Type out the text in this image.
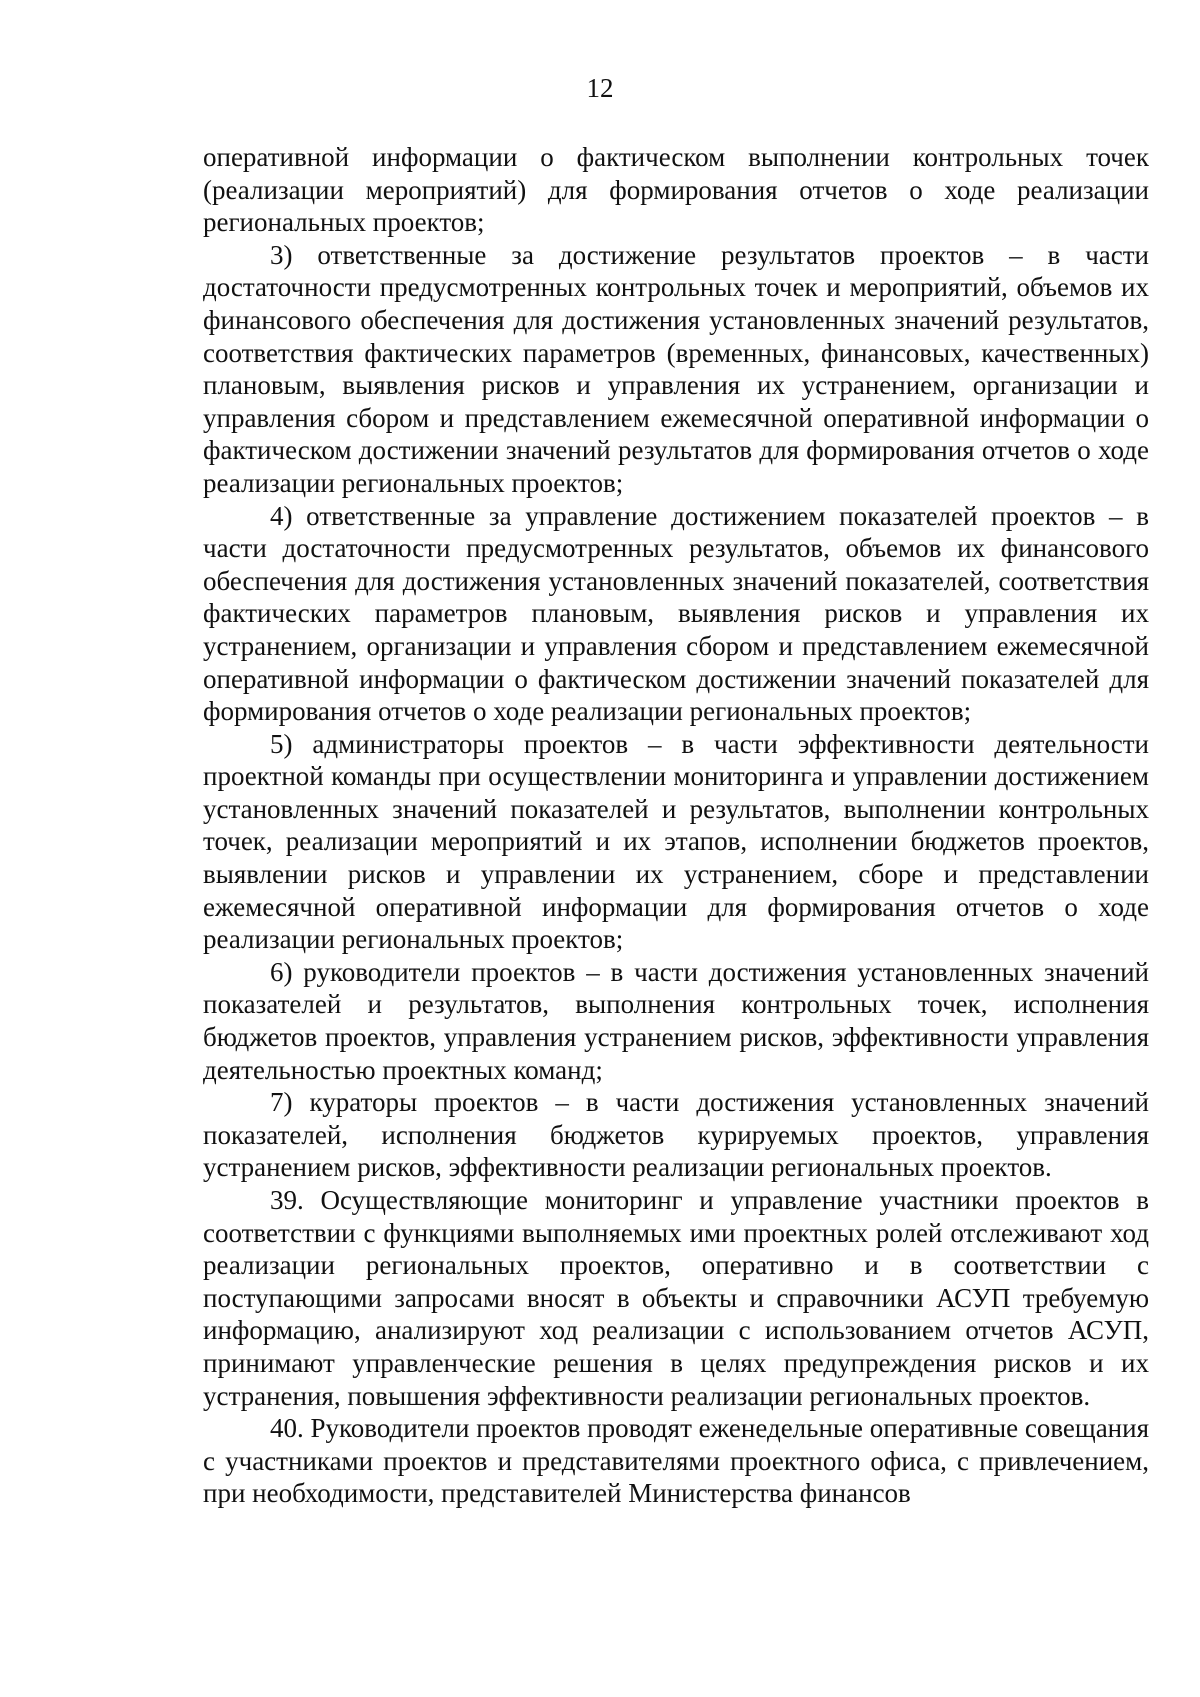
12

оперативной информации о фактическом выполнении контрольных точек (реализации мероприятий) для формирования отчетов о ходе реализации региональных проектов;

3) ответственные за достижение результатов проектов – в части достаточности предусмотренных контрольных точек и мероприятий, объемов их финансового обеспечения для достижения установленных значений результатов, соответствия фактических параметров (временных, финансовых, качественных) плановым, выявления рисков и управления их устранением, организации и управления сбором и представлением ежемесячной оперативной информации о фактическом достижении значений результатов для формирования отчетов о ходе реализации региональных проектов;

4) ответственные за управление достижением показателей проектов – в части достаточности предусмотренных результатов, объемов их финансового обеспечения для достижения установленных значений показателей, соответствия фактических параметров плановым, выявления рисков и управления их устранением, организации и управления сбором и представлением ежемесячной оперативной информации о фактическом достижении значений показателей для формирования отчетов о ходе реализации региональных проектов;

5) администраторы проектов – в части эффективности деятельности проектной команды при осуществлении мониторинга и управлении достижением установленных значений показателей и результатов, выполнении контрольных точек, реализации мероприятий и их этапов, исполнении бюджетов проектов, выявлении рисков и управлении их устранением, сборе и представлении ежемесячной оперативной информации для формирования отчетов о ходе реализации региональных проектов;

6) руководители проектов – в части достижения установленных значений показателей и результатов, выполнения контрольных точек, исполнения бюджетов проектов, управления устранением рисков, эффективности управления деятельностью проектных команд;

7) кураторы проектов – в части достижения установленных значений показателей, исполнения бюджетов курируемых проектов, управления устранением рисков, эффективности реализации региональных проектов.

39. Осуществляющие мониторинг и управление участники проектов в соответствии с функциями выполняемых ими проектных ролей отслеживают ход реализации региональных проектов, оперативно и в соответствии с поступающими запросами вносят в объекты и справочники АСУП требуемую информацию, анализируют ход реализации с использованием отчетов АСУП, принимают управленческие решения в целях предупреждения рисков и их устранения, повышения эффективности реализации региональных проектов.

40. Руководители проектов проводят еженедельные оперативные совещания с участниками проектов и представителями проектного офиса, с привлечением, при необходимости, представителей Министерства финансов
